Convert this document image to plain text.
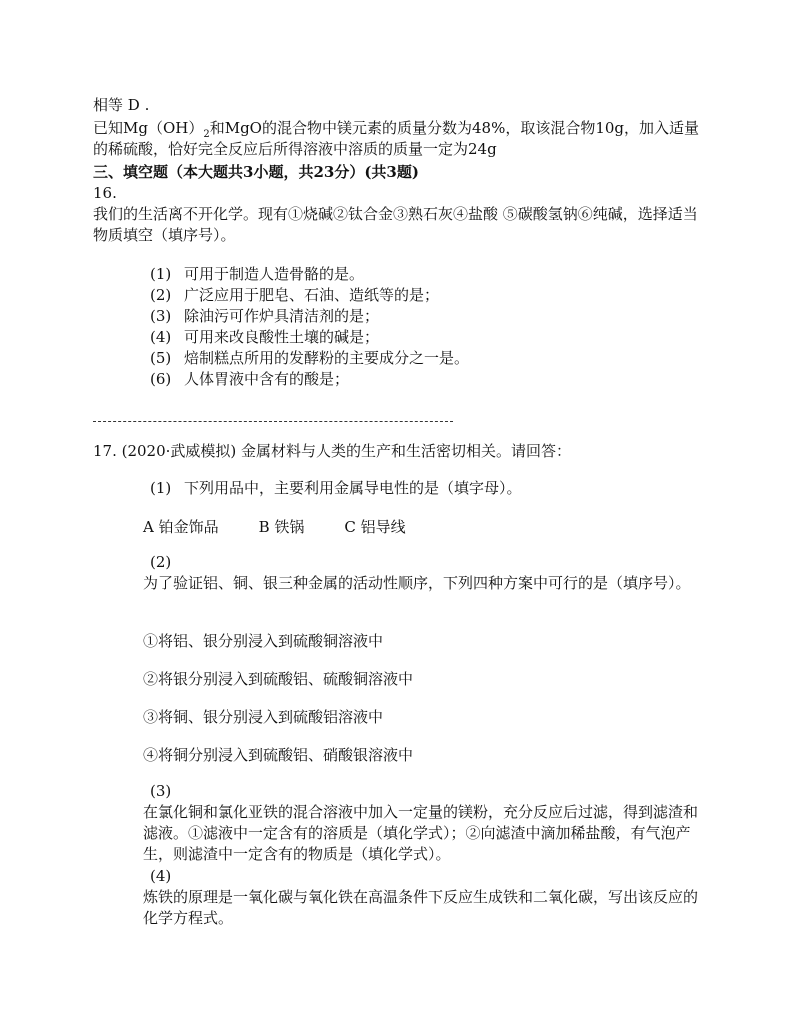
相等 D .
已知$Mg(OH)_2$和MgO的混合物中镁元素的质量分数为48%，取该混合物10g，加入适量的稀硫酸，恰好完全反应后所得溶液中溶质的质量一定为24g
三、填空题（本大题共3小题，共23分）(共3题)
16.
我们的生活离不开化学。现有①烧碱②钛合金③熟石灰④盐酸 ⑤碳酸氢钠⑥纯碱，选择适当物质填空（填序号）。
(1) 可用于制造人造骨骼的是。
(2) 广泛应用于肥皂、石油、造纸等的是；
(3) 除油污可作炉具清洁剂的是；
(4) 可用来改良酸性土壤的碱是；
(5) 焙制糕点所用的发酵粉的主要成分之一是。
(6) 人体胃液中含有的酸是；
17. (2020·武威模拟) 金属材料与人类的生产和生活密切相关。请回答：
(1) 下列用品中，主要利用金属导电性的是（填字母）。
A 铂金饰品	B 铁锅	C 铝导线
(2)
为了验证铝、铜、银三种金属的活动性顺序，下列四种方案中可行的是（填序号）。
①将铝、银分别浸入到硫酸铜溶液中
②将银分别浸入到硫酸铝、硫酸铜溶液中
③将铜、银分别浸入到硫酸铝溶液中
④将铜分别浸入到硫酸铝、硝酸银溶液中
(3)
在氯化铜和氯化亚铁的混合溶液中加入一定量的镁粉，充分反应后过滤，得到滤渣和滤液。①滤液中一定含有的溶质是（填化学式）；②向滤渣中滴加稀盐酸，有气泡产生，则滤渣中一定含有的物质是（填化学式）。
(4)
炼铁的原理是一氧化碳与氧化铁在高温条件下反应生成铁和二氧化碳，写出该反应的化学方程式。
